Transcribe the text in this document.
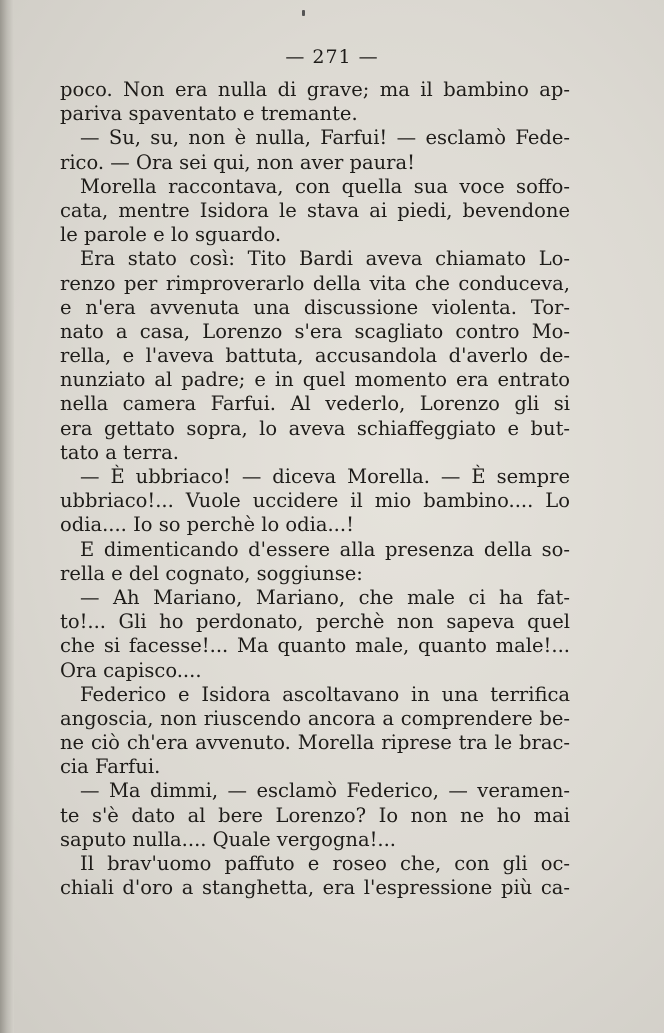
— 271 —
poco. Non era nulla di grave; ma il bambino ap-
pariva spaventato e tremante.
— Su, su, non è nulla, Farfui! — esclamò Fede-
rico. — Ora sei qui, non aver paura!
Morella raccontava, con quella sua voce soffo-
cata, mentre Isidora le stava ai piedi, bevendone
le parole e lo sguardo.
Era stato così: Tito Bardi aveva chiamato Lo-
renzo per rimproverarlo della vita che conduceva,
e n'era avvenuta una discussione violenta. Tor-
nato a casa, Lorenzo s'era scagliato contro Mo-
rella, e l'aveva battuta, accusandola d'averlo de-
nunziato al padre; e in quel momento era entrato
nella camera Farfui. Al vederlo, Lorenzo gli si
era gettato sopra, lo aveva schiaffeggiato e but-
tato a terra.
— È ubbriaco! — diceva Morella. — È sempre
ubbriaco!... Vuole uccidere il mio bambino.... Lo
odia.... Io so perchè lo odia...!
E dimenticando d'essere alla presenza della so-
rella e del cognato, soggiunse:
— Ah Mariano, Mariano, che male ci ha fat-
to!... Gli ho perdonato, perchè non sapeva quel
che si facesse!... Ma quanto male, quanto male!...
Ora capisco....
Federico e Isidora ascoltavano in una terrifica
angoscia, non riuscendo ancora a comprendere be-
ne ciò ch'era avvenuto. Morella riprese tra le brac-
cia Farfui.
— Ma dimmi, — esclamò Federico, — veramen-
te s'è dato al bere Lorenzo? Io non ne ho mai
saputo nulla.... Quale vergogna!...
Il brav'uomo paffuto e roseo che, con gli oc-
chiali d'oro a stanghetta, era l'espressione più ca-
